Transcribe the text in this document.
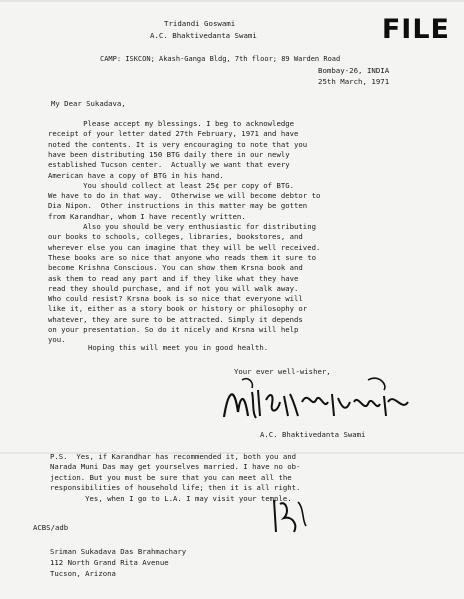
FILE
Tridandi Goswami
A.C. Bhaktivedanta Swami
CAMP: ISKCON; Akash-Ganga Bldg, 7th floor; 89 Warden Road
Bombay-26, INDIA
25th March, 1971
My Dear Sukadava,
Please accept my blessings. I beg to acknowledge
receipt of your letter dated 27th February, 1971 and have
noted the contents. It is very encouraging to note that you
have been distributing 150 BTG daily there in our newly
established Tucson center.  Actually we want that every
American have a copy of BTG in his hand.
You should collect at least 25¢ per copy of BTG.
We have to do in that way.  Otherwise we will become debtor to
Dia Nipon.  Other instructions in this matter may be gotten
from Karandhar, whom I have recently written.
Also you should be very enthusiastic for distributing
our books to schools, colleges, libraries, bookstores, and
wherever else you can imagine that they will be well received.
These books are so nice that anyone who reads them it sure to
become Krishna Conscious. You can show them Krsna book and
ask them to read any part and if they like what they have
read they should purchase, and if not you will walk away.
Who could resist? Krsna book is so nice that everyone will
like it, either as a story book or history or philosophy or
whatever, they are sure to be attracted. Simply it depends
on your presentation. So do it nicely and Krsna will help
you.
Hoping this will meet you in good health.
Your ever well-wisher,
A.C. Bhaktivedanta Swami
P.S.  Yes, if Karandhar has recommended it, both you and
Narada Muni Das may get yourselves married. I have no ob-
jection. But you must be sure that you can meet all the
responsibilities of household life; then it is all right.
Yes, when I go to L.A. I may visit your temple.
ACBS/adb
Sriman Sukadava Das Brahmachary
112 North Grand Rita Avenue
Tucson, Arizona
